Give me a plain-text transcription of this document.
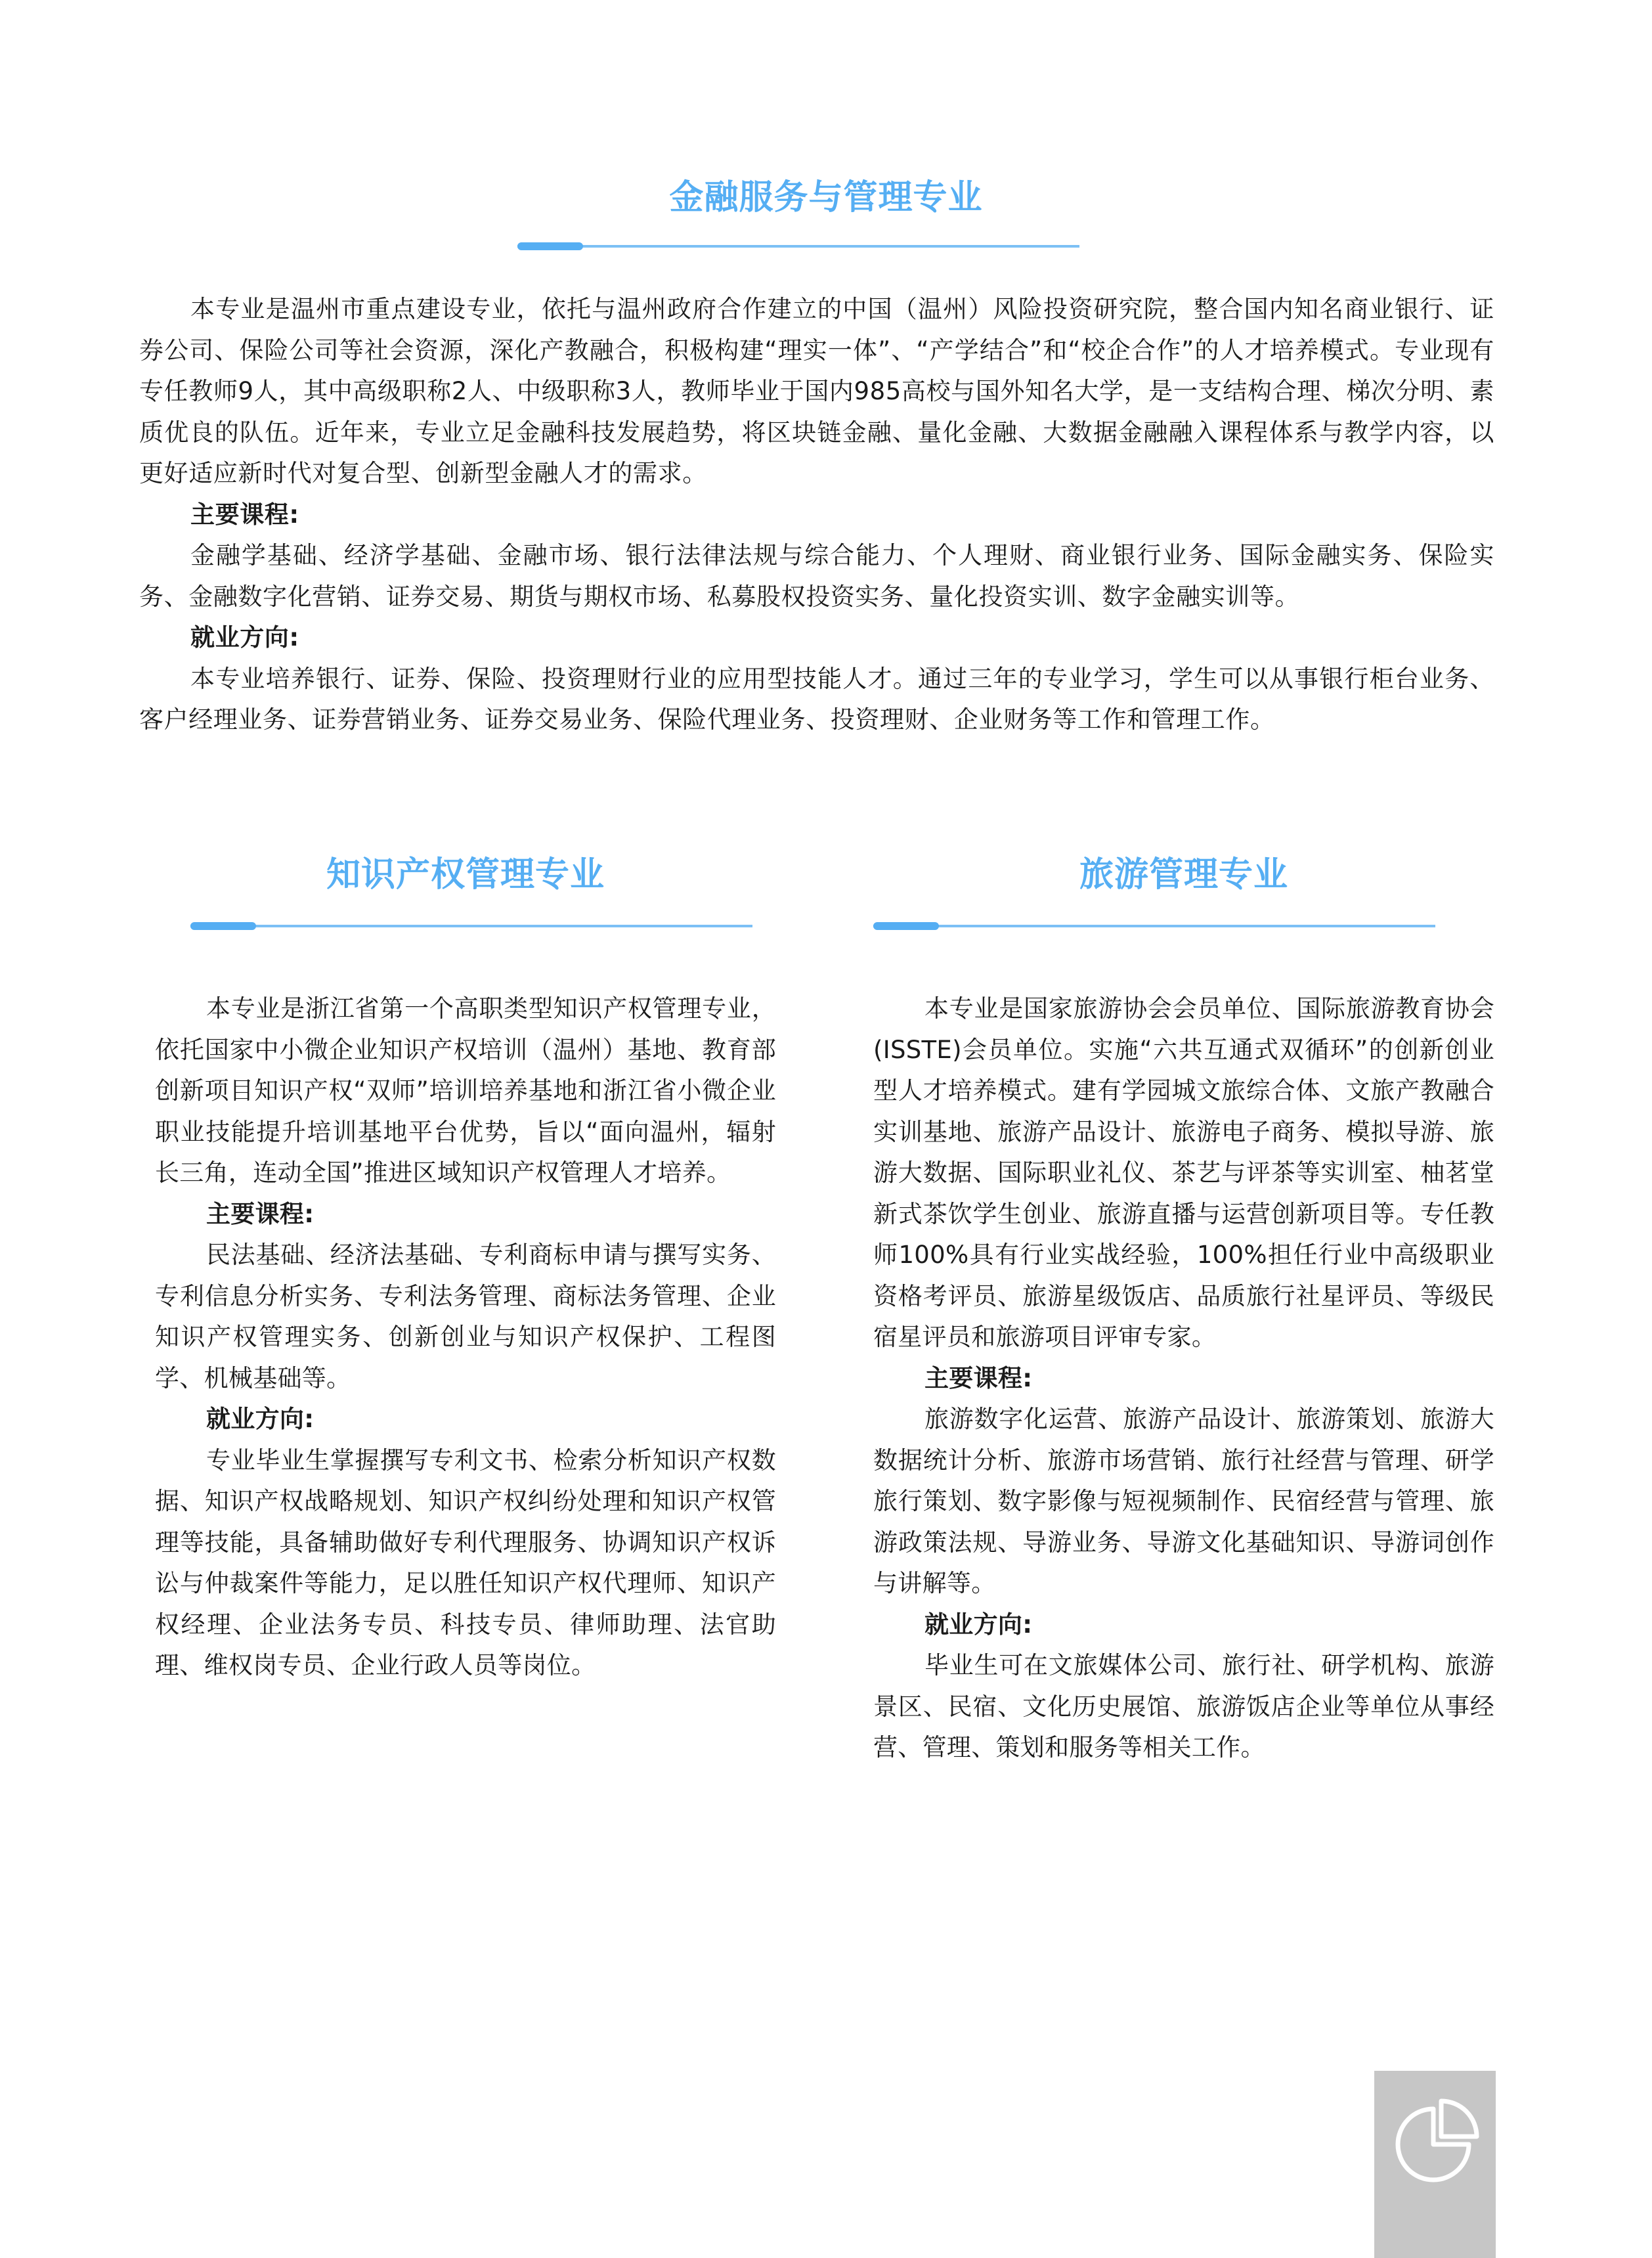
金融服务与管理专业

本专业是温州市重点建设专业，依托与温州政府合作建立的中国（温州）风险投资研究院，整合国内知名商业银行、证券公司、保险公司等社会资源，深化产教融合，积极构建“理实一体”、“产学结合”和“校企合作”的人才培养模式。专业现有专任教师9人，其中高级职称2人、中级职称3人，教师毕业于国内985高校与国外知名大学，是一支结构合理、梯次分明、素质优良的队伍。近年来，专业立足金融科技发展趋势，将区块链金融、量化金融、大数据金融融入课程体系与教学内容，以更好适应新时代对复合型、创新型金融人才的需求。

主要课程:

金融学基础、经济学基础、金融市场、银行法律法规与综合能力、个人理财、商业银行业务、国际金融实务、保险实务、金融数字化营销、证券交易、期货与期权市场、私募股权投资实务、量化投资实训、数字金融实训等。

就业方向:

本专业培养银行、证券、保险、投资理财行业的应用型技能人才。通过三年的专业学习，学生可以从事银行柜台业务、客户经理业务、证券营销业务、证券交易业务、保险代理业务、投资理财、企业财务等工作和管理工作。

知识产权管理专业

本专业是浙江省第一个高职类型知识产权管理专业，依托国家中小微企业知识产权培训（温州）基地、教育部创新项目知识产权“双师”培训培养基地和浙江省小微企业职业技能提升培训基地平台优势，旨以“面向温州，辐射长三角，连动全国”推进区域知识产权管理人才培养。

主要课程:

民法基础、经济法基础、专利商标申请与撰写实务、专利信息分析实务、专利法务管理、商标法务管理、企业知识产权管理实务、创新创业与知识产权保护、工程图学、机械基础等。

就业方向:

专业毕业生掌握撰写专利文书、检索分析知识产权数据、知识产权战略规划、知识产权纠纷处理和知识产权管理等技能，具备辅助做好专利代理服务、协调知识产权诉讼与仲裁案件等能力，足以胜任知识产权代理师、知识产权经理、企业法务专员、科技专员、律师助理、法官助理、维权岗专员、企业行政人员等岗位。

旅游管理专业

本专业是国家旅游协会会员单位、国际旅游教育协会(ISSTE)会员单位。实施“六共互通式双循环”的创新创业型人才培养模式。建有学园城文旅综合体、文旅产教融合实训基地、旅游产品设计、旅游电子商务、模拟导游、旅游大数据、国际职业礼仪、茶艺与评茶等实训室、柚茗堂新式茶饮学生创业、旅游直播与运营创新项目等。专任教师100%具有行业实战经验，100%担任行业中高级职业资格考评员、旅游星级饭店、品质旅行社星评员、等级民宿星评员和旅游项目评审专家。

主要课程:

旅游数字化运营、旅游产品设计、旅游策划、旅游大数据统计分析、旅游市场营销、旅行社经营与管理、研学旅行策划、数字影像与短视频制作、民宿经营与管理、旅游政策法规、导游业务、导游文化基础知识、导游词创作与讲解等。

就业方向:

毕业生可在文旅媒体公司、旅行社、研学机构、旅游景区、民宿、文化历史展馆、旅游饭店企业等单位从事经营、管理、策划和服务等相关工作。
